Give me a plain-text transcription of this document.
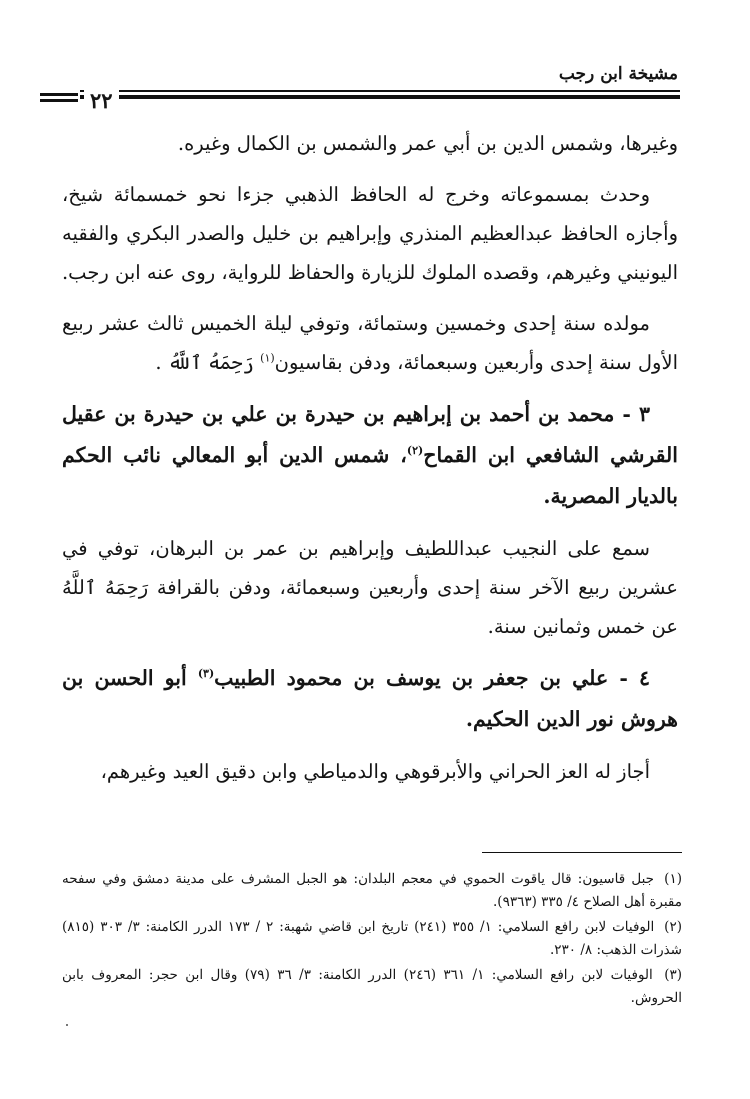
مشيخة ابن رجب
٢٢

وغيرها، وشمس الدين بن أبي عمر والشمس بن الكمال وغيره.

وحدث بمسموعاته وخرج له الحافظ الذهبي جزءا نحو خمسمائة شيخ، وأجازه الحافظ عبدالعظيم المنذري وإبراهيم بن خليل والصدر البكري والفقيه اليونيني وغيرهم، وقصده الملوك للزيارة والحفاظ للرواية، روى عنه ابن رجب.

مولده سنة إحدى وخمسين وستمائة، وتوفي ليلة الخميس ثالث عشر ربيع الأول سنة إحدى وأربعين وسبعمائة، ودفن بقاسيون$^{(١)}$ رَحِمَهُ ٱللَّهُ .

٣ - محمد بن أحمد بن إبراهيم بن حيدرة بن علي بن حيدرة بن عقيل القرشي الشافعي ابن القماح$^{(٢)}$، شمس الدين أبو المعالي نائب الحكم بالديار المصرية.

سمع على النجيب عبداللطيف وإبراهيم بن عمر بن البرهان، توفي في عشرين ربيع الآخر سنة إحدى وأربعين وسبعمائة، ودفن بالقرافة رَحِمَهُ ٱللَّهُ عن خمس وثمانين سنة.

٤ - علي بن جعفر بن يوسف بن محمود الطبيب$^{(٣)}$ أبو الحسن بن هروش نور الدين الحكيم.

أجاز له العز الحراني والأبرقوهي والدمياطي وابن دقيق العيد وغيرهم،

(١) جبل قاسيون: قال ياقوت الحموي في معجم البلدان: هو الجبل المشرف على مدينة دمشق وفي سفحه مقبرة أهل الصلاح ٤/ ٣٣٥ (٩٣٦٣).

(٢) الوفيات لابن رافع السلامي: ١/ ٣٥٥ (٢٤١) تاريخ ابن قاضي شهبة: ٢ / ١٧٣ الدرر الكامنة: ٣/ ٣٠٣ (٨١٥) شذرات الذهب: ٨/ ٢٣٠.

(٣) الوفيات لابن رافع السلامي: ١/ ٣٦١ (٢٤٦) الدرر الكامنة: ٣/ ٣٦ (٧٩) وقال ابن حجر: المعروف بابن الحروش.
